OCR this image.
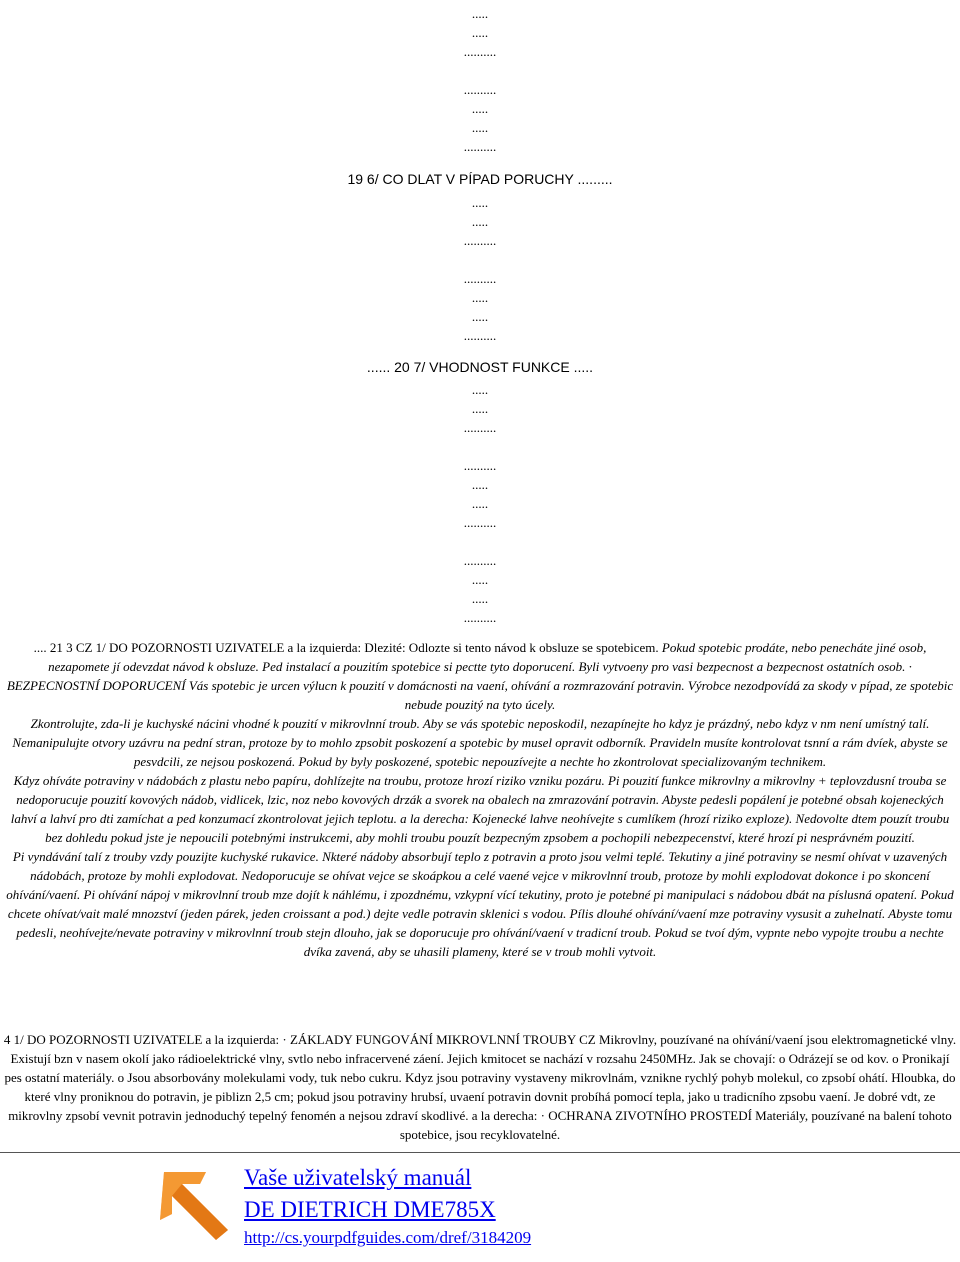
.....
.....
..........
..........
.....
.....
..........
19 6/ CO DLAT V PÍPAD PORUCHY .........
.....
.....
..........
..........
.....
.....
..........
...... 20 7/ VHODNOST FUNKCE .....
.....
.....
..........
..........
.....
.....
..........
..........
.....
.....
..........
.... 21 3 CZ 1/ DO POZORNOSTI UZIVATELE a la izquierda: Dlezité: Odlozte si tento návod k obsluze se spotebicem. Pokud spotebic prodáte, nebo penecháte jiné osob, nezapomete jí odevzdat návod k obsluze. Ped instalací a pouzitím spotebice si pectte tyto doporucení. Byli vytvoeny pro vasi bezpecnost a bezpecnost ostatních osob. · BEZPECNOSTNÍ DOPORUCENÍ Vás spotebic je urcen výlucn k pouzití v domácnosti na vaení, ohívání a rozmrazování potravin. Výrobce nezodpovídá za skody v pípad, ze spotebic nebude pouzitý na tyto úcely.
Zkontrolujte, zda-li je kuchyské nácini vhodné k pouzití v mikrovlnní troub. Aby se vás spotebic neposkodil, nezapínejte ho kdyz je prázdný, nebo kdyz v nm není umístný talí. Nemanipulujte otvory uzávru na pední stran, protoze by to mohlo zpsobit poskození a spotebic by musel opravit odborník. Pravideln musíte kontrolovat tsnní a rám dvíek, abyste se pesvdcili, ze nejsou poskozená. Pokud by byly poskozené, spotebic nepouzívejte a nechte ho zkontrolovat specializovaným technikem.
Kdyz ohíváte potraviny v nádobách z plastu nebo papíru, dohlízejte na troubu, protoze hrozí riziko vzniku pozáru. Pi pouzití funkce mikrovlny a mikrovlny + teplovzdusní trouba se nedoporucuje pouzití kovových nádob, vidlicek, lzic, noz nebo kovových drzák a svorek na obalech na zmrazování potravin. Abyste pedesli popálení je potebné obsah kojeneckých lahví a lahví pro dti zamíchat a ped konzumací zkontrolovat jejich teplotu. a la derecha: Kojenecké lahve neohívejte s cumlíkem (hrozí riziko exploze). Nedovolte dtem pouzít troubu bez dohledu pokud jste je nepoucili potebnými instrukcemi, aby mohli troubu pouzít bezpecným zpsobem a pochopili nebezpecenství, které hrozí pi nesprávném pouzití.
Pi vyndávání talí z trouby vzdy pouzijte kuchyské rukavice. Nkteré nádoby absorbují teplo z potravin a proto jsou velmi teplé. Tekutiny a jiné potraviny se nesmí ohívat v uzavených nádobách, protoze by mohli explodovat. Nedoporucuje se ohívat vejce se skoápkou a celé vaené vejce v mikrovlnní troub, protoze by mohli explodovat dokonce i po skoncení ohívání/vaení. Pi ohívání nápoj v mikrovlnní troub mze dojít k náhlému, i zpozdnému, vzkypní vící tekutiny, proto je potebné pi manipulaci s nádobou dbát na píslusná opatení. Pokud chcete ohívat/vait malé mnozství (jeden párek, jeden croissant a pod.) dejte vedle potravin sklenici s vodou. Pílis dlouhé ohívání/vaení mze potraviny vysusit a zuhelnatí. Abyste tomu pedesli, neohívejte/nevate potraviny v mikrovlnní troub stejn dlouho, jak se doporucuje pro ohívání/vaení v tradicní troub. Pokud se tvoí dým, vypnte nebo vypojte troubu a nechte dvíka zavená, aby se uhasili plameny, které se v troub mohli vytvoit.
4 1/ DO POZORNOSTI UZIVATELE a la izquierda: · ZÁKLADY FUNGOVÁNÍ MIKROVLNNÍ TROUBY CZ Mikrovlny, pouzívané na ohívání/vaení jsou elektromagnetické vlny. Existují bzn v nasem okolí jako rádioelektrické vlny, svtlo nebo infracervené záení. Jejich kmitocet se nachází v rozsahu 2450MHz. Jak se chovají: o Odrázejí se od kov. o Pronikají pes ostatní materiály. o Jsou absorbovány molekulami vody, tuk nebo cukru. Kdyz jsou potraviny vystaveny mikrovlnám, vznikne rychlý pohyb molekul, co zpsobí ohátí. Hloubka, do které vlny proniknou do potravin, je piblizn 2,5 cm; pokud jsou potraviny hrubsí, uvaení potravin dovnit probíhá pomocí tepla, jako u tradicního zpsobu vaení. Je dobré vdt, ze mikrovlny zpsobí vevnit potravin jednoduchý tepelný fenomén a nejsou zdraví skodlivé. a la derecha: · OCHRANA ZIVOTNÍHO PROSTEDÍ Materiály, pouzívané na balení tohoto spotebice, jsou recyklovatelné.
Vaše uživatelský manuál
DE DIETRICH DME785X
http://cs.yourpdfguides.com/dref/3184209
